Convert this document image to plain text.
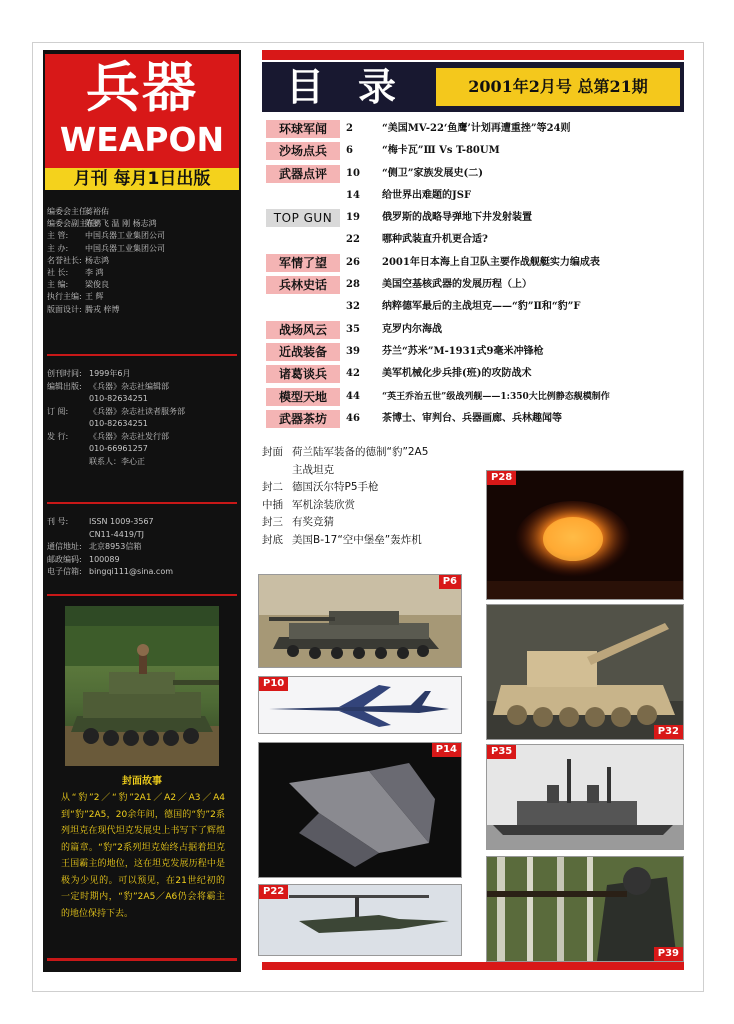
兵器
WEAPON
月刊 每月1日出版
编委会主任:
蒋裕佑
编委会副主任:
陈鹏飞 温 刚 杨志鸿
主 管:	中国兵器工业集团公司
主 办:	中国兵器工业集团公司
名誉社长: 杨志鸿
社 长:	李 鸿
主 编:	梁俊良
执行主编: 王 辉
版面设计: 腾戎 梓博
创刊时间: 1999年6月
编辑出版: 《兵器》杂志社编辑部
010-82634251
订 阅:	《兵器》杂志社读者服务部
010-82634251
发 行:	《兵器》杂志社发行部
010-66961257
联系人：李心正
刊 号:	ISSN 1009-3567
CN11-4419/TJ
通信地址: 北京8953信箱
邮政编码: 100089
电子信箱: bingqi111@sina.com
封面故事
从“豹”2／“豹”2A1／A2／A3／A4到“豹”2A5，20余年间，德国的“豹”2系列坦克在现代坦克发展史上书写下了辉煌的篇章。“豹”2系列坦克始终占据着坦克王国霸主的地位，这在坦克发展历程中是极为少见的。可以预见，在21世纪初的一定时期内，“豹”2A5／A6仍会将霸主的地位保持下去。
目录	2001年2月号 总第21期
环球军闻	2	“美国MV-22‘鱼鹰’计划再遭重挫”等24则
沙场点兵	6	“梅卡瓦”Ⅲ Vs T-80UM
武器点评	10	“侧卫”家族发展史(二)
14	给世界出难题的JSF
TOP GUN	19	俄罗斯的战略导弹地下井发射装置
22	哪种武装直升机更合适?
军情了望	26	2001年日本海上自卫队主要作战舰艇实力编成表
兵林史话	28	美国空基核武器的发展历程（上）
32	纳粹德军最后的主战坦克——“豹”Ⅱ和“豹”F
战场风云	35	克罗内尔海战
近战装备	39	芬兰“苏米”M-1931式9毫米冲锋枪
诸葛谈兵	42	美军机械化步兵排(班)的攻防战术
模型天地	44	“英王乔治五世”级战列舰——1:350大比例静态舰模制作
武器茶坊	46	茶博士、审判台、兵器画廊、兵林趣闻等
封面 荷兰陆军装备的德制“豹”2A5
主战坦克
封二 德国沃尔特P5手枪
中插 军机涂装欣赏
封三 有奖竞猜
封底 美国B-17“空中堡垒”轰炸机
P28
P6
P32
P10
P14	P35
P22
P39
